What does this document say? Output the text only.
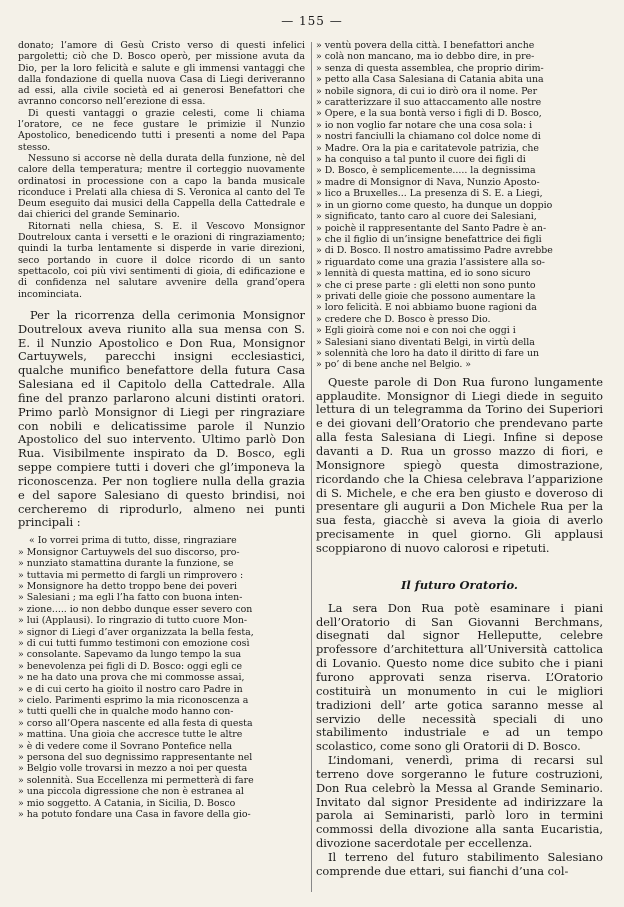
— 155 —

donato; l’amore di Gesù Cristo verso di questi infelici pargoletti; ciò che D. Bosco operò, per missione avuta da Dio, per la loro felicità e salute e gli immensi vantaggi che dalla fondazione di quella nuova Casa di Liegi deriveranno ad essi, alla civile società ed ai generosi Benefattori che avranno concorso nell’erezione di essa.

Di questi vantaggi o grazie celesti, come li chiama l’oratore, ce ne fece gustare le primizie il Nunzio Apostolico, benedicendo tutti i presenti a nome del Papa stesso.

Nessuno si accorse nè della durata della funzione, nè del calore della temperatura; mentre il corteggio nuovamente ordinatosi in processione con a capo la banda musicale riconduce i Prelati alla chiesa di S. Veronica al canto del Te Deum eseguito dai musici della Cappella della Cattedrale e dai chierici del grande Seminario.

Ritornati nella chiesa, S. E. il Vescovo Monsignor Doutreloux canta i versetti e le orazioni di ringraziamento; quindi la turba lentamente si disperde in varie direzioni, seco portando in cuore il dolce ricordo di un santo spettacolo, coi più vivi sentimenti di gioia, di edificazione e di confidenza nel salutare avvenire della grand’opera incominciata.

Per la ricorrenza della cerimonia Monsignor Doutreloux aveva riunito alla sua mensa con S. E. il Nunzio Apostolico e Don Rua, Monsignor Cartuywels, parecchi insigni ecclesiastici, qualche munifico benefattore della futura Casa Salesiana ed il Capitolo della Cattedrale. Alla fine del pranzo parlarono alcuni distinti oratori. Primo parlò Monsignor di Liegi per ringraziare con nobili e delicatissime parole il Nunzio Apostolico del suo intervento. Ultimo parlò Don Rua. Visibilmente inspirato da D. Bosco, egli seppe compiere tutti i doveri che gl’imponeva la riconoscenza. Per non togliere nulla della grazia e del sapore Salesiano di questo brindisi, noi cercheremo di riprodurlo, almeno nei punti principali :

« Io vorrei prima di tutto, disse, ringraziare
» Monsignor Cartuywels del suo discorso, pro-
» nunziato stamattina durante la funzione, se
» tuttavia mi permetto di fargli un rimprovero :
» Monsignore ha detto troppo bene dei poveri
» Salesiani ; ma egli l’ha fatto con buona inten-
» zione..... io non debbo dunque esser severo con
» lui (Applausi). Io ringrazio di tutto cuore Mon-
» signor di Liegi d’aver organizzata la bella festa,
» di cui tutti fummo testimoni con emozione così
» consolante. Sapevamo da lungo tempo la sua
» benevolenza pei figli di D. Bosco: oggi egli ce
» ne ha dato una prova che mi commosse assai,
» e di cui certo ha gioito il nostro caro Padre in
» cielo. Parimenti esprimo la mia riconoscenza a
» tutti quelli che in qualche modo hanno con-
» corso all’Opera nascente ed alla festa di questa
» mattina. Una gioia che accresce tutte le altre
» è di vedere come il Sovrano Pontefice nella
» persona del suo degnissimo rappresentante nel
» Belgio volle trovarsi in mezzo a noi per questa
» solennità. Sua Eccellenza mi permetterà di fare
» una piccola digressione che non è estranea al
» mio soggetto. A Catania, in Sicilia, D. Bosco
» ha potuto fondare una Casa in favore della gio-
» ventù povera della città. I benefattori anche
» colà non mancano, ma io debbo dire, in pre-
» senza di questa assemblea, che proprio dirim-
» petto alla Casa Salesiana di Catania abita una
» nobile signora, di cui io dirò ora il nome. Per
» caratterizzare il suo attaccamento alle nostre
» Opere, e la sua bontà verso i figli di D. Bosco,
» io non voglio far notare che una cosa sola: i
» nostri fanciulli la chiamano col dolce nome di
» Madre. Ora la pia e caritatevole patrizia, che
» ha conquiso a tal punto il cuore dei figli di
» D. Bosco, è semplicemente..... la degnissima
» madre di Monsignor di Nava, Nunzio Aposto-
» lico a Bruxelles... La presenza di S. E. a Liegi,
» in un giorno come questo, ha dunque un doppio
» significato, tanto caro al cuore dei Salesiani,
» poichè il rappresentante del Santo Padre è an-
» che il figlio di un’insigne benefattrice dei figli
» di D. Bosco. Il nostro amatissimo Padre avrebbe
» riguardato come una grazia l’assistere alla so-
» lennità di questa mattina, ed io sono sicuro
» che ci prese parte : gli eletti non sono punto
» privati delle gioie che possono aumentare la
» loro felicità. E noi abbiamo buone ragioni da
» credere che D. Bosco è presso Dio.
» Egli gioirà come noi e con noi che oggi i
» Salesiani siano diventati Belgi, in virtù della
» solennità che loro ha dato il diritto di fare un
» po’ di bene anche nel Belgio. »

Queste parole di Don Rua furono lungamente applaudite. Monsignor di Liegi diede in seguito lettura di un telegramma da Torino dei Superiori e dei giovani dell’Oratorio che prendevano parte alla festa Salesiana di Liegi. Infine si depose davanti a D. Rua un grosso mazzo di fiori, e Monsignore spiegò questa dimostrazione, ricordando che la Chiesa celebrava l’apparizione di S. Michele, e che era ben giusto e doveroso di presentare gli augurii a Don Michele Rua per la sua festa, giacchè si aveva la gioia di averlo precisamente in quel giorno. Gli applausi scoppiarono di nuovo calorosi e ripetuti.

Il futuro Oratorio.

La sera Don Rua potè esaminare i piani dell’Oratorio di San Giovanni Berchmans, disegnati dal signor Helleputte, celebre professore d’architettura all’Università cattolica di Lovanio. Questo nome dice subito che i piani furono approvati senza riserva. L’Oratorio costituirà un monumento in cui le migliori tradizioni dell’ arte gotica saranno messe al servizio delle necessità speciali di uno stabilimento industriale e ad un tempo scolastico, come sono gli Oratorii di D. Bosco.

L’indomani, venerdì, prima di recarsi sul terreno dove sorgeranno le future costruzioni, Don Rua celebrò la Messa al Grande Seminario. Invitato dal signor Presidente ad indirizzare la parola ai Seminaristi, parlò loro in termini commossi della divozione alla santa Eucaristia, divozione sacerdotale per eccellenza.

Il terreno del futuro stabilimento Salesiano comprende due ettari, sui fianchi d’una col-
